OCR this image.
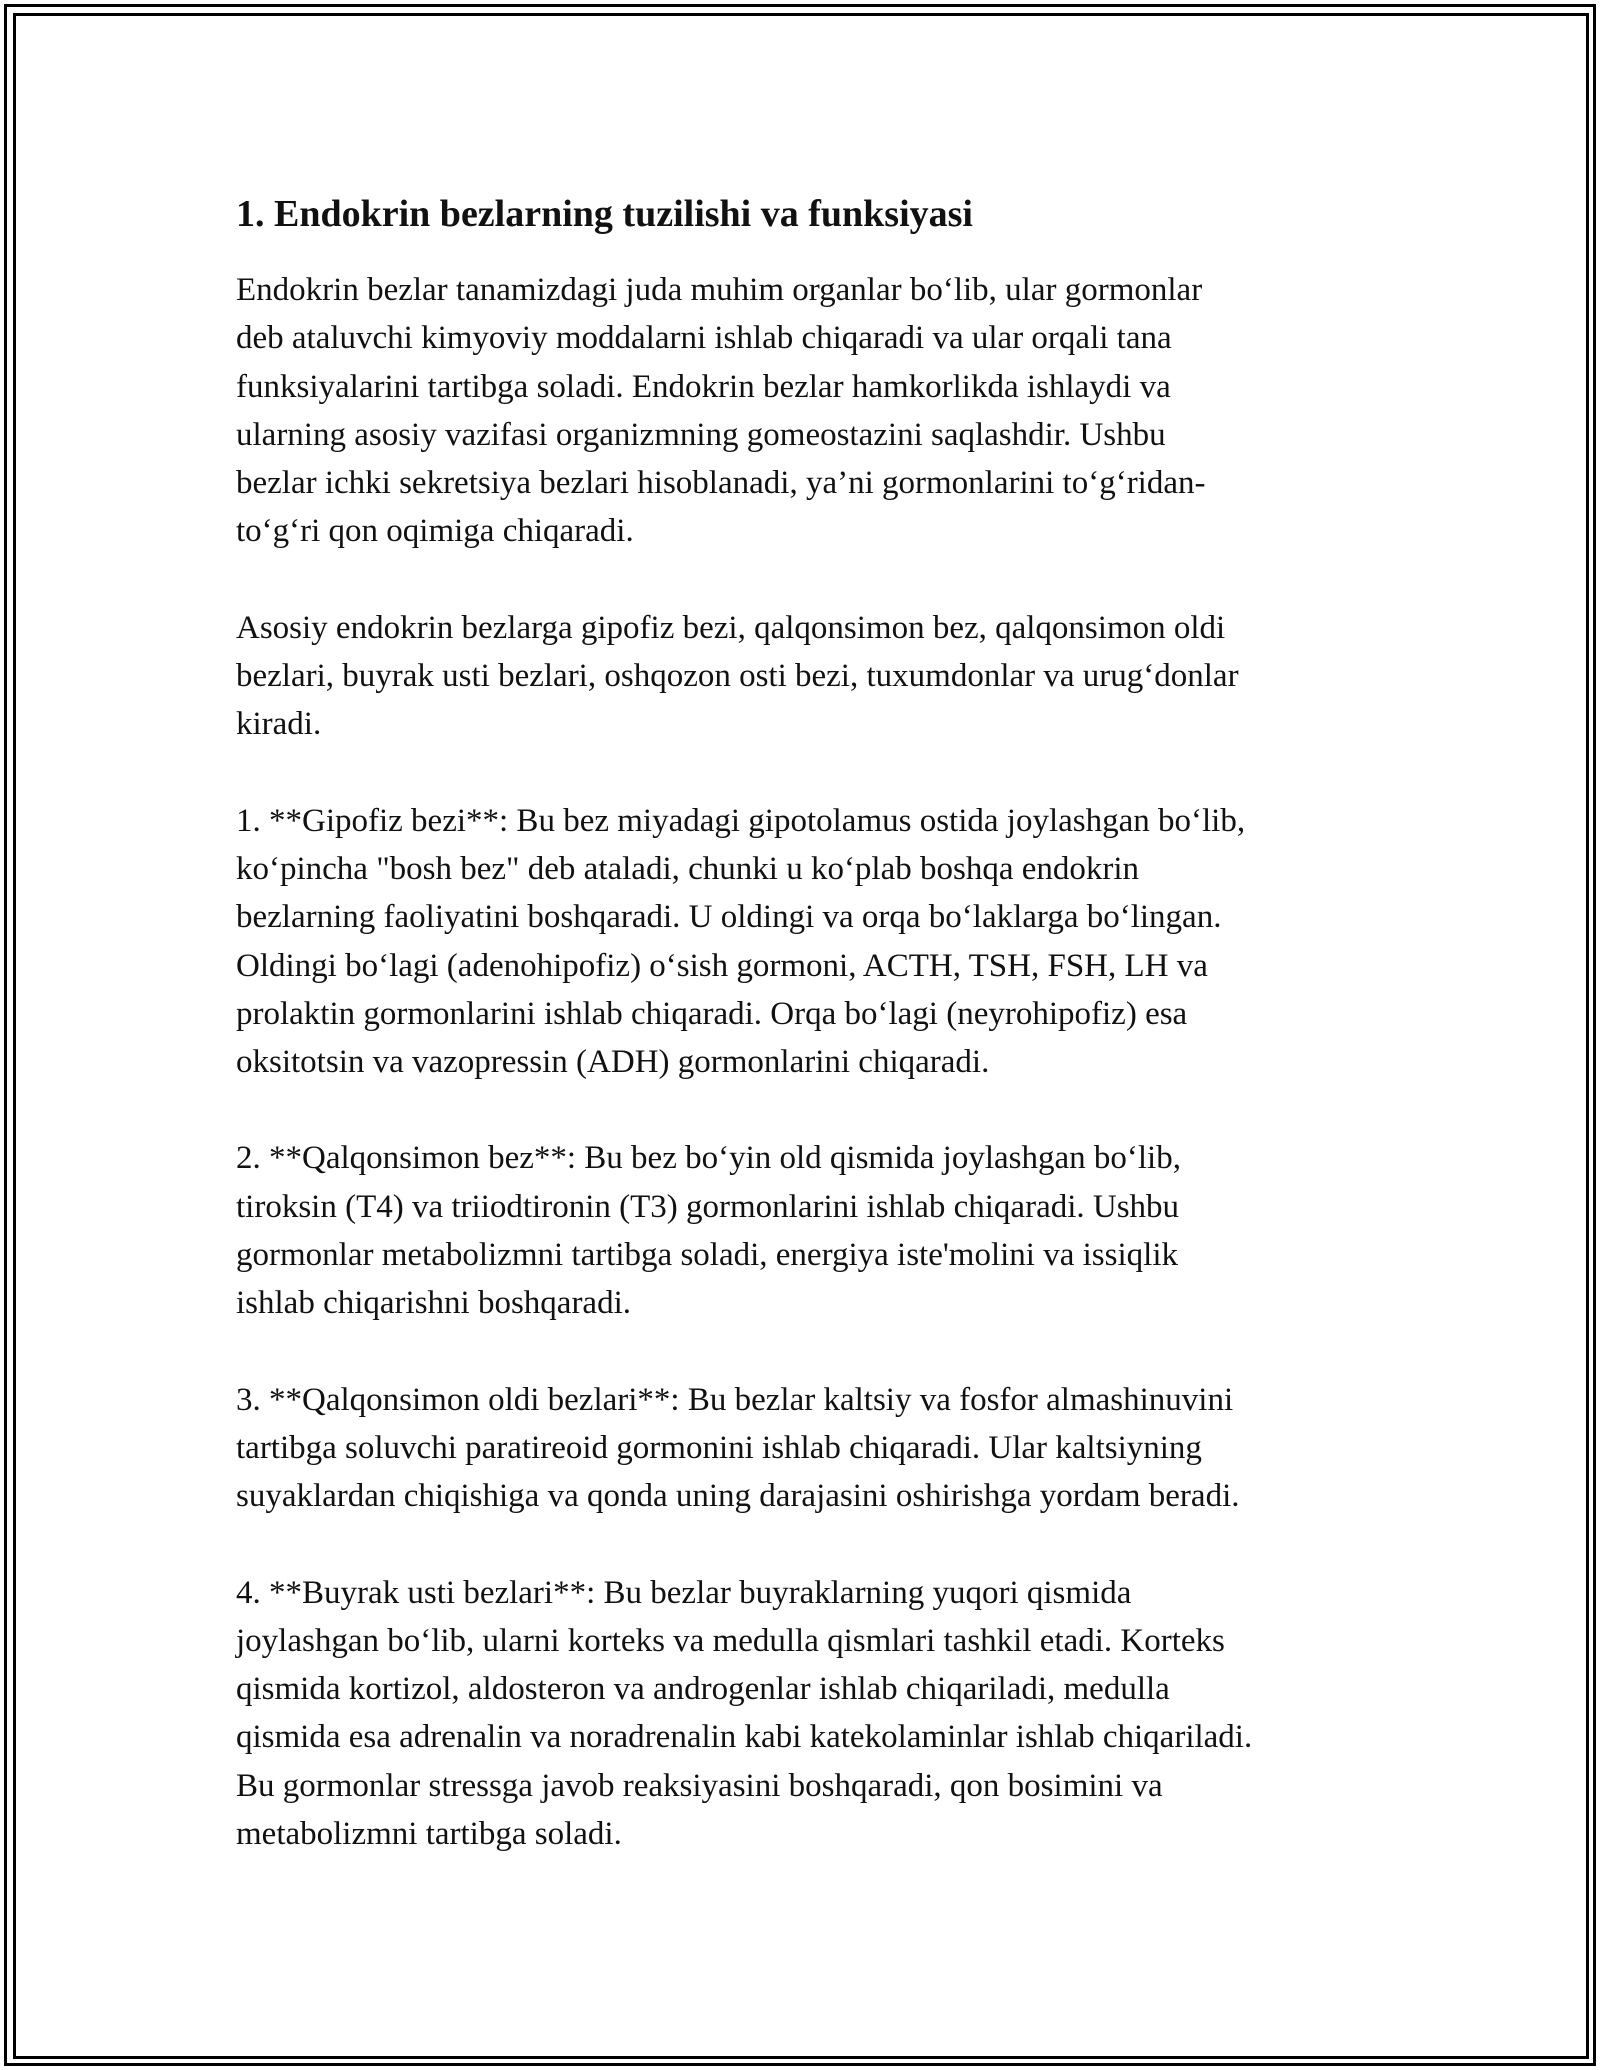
1. Endokrin bezlarning tuzilishi va funksiyasi

Endokrin bezlar tanamizdagi juda muhim organlar bo‘lib, ular gormonlar
deb ataluvchi kimyoviy moddalarni ishlab chiqaradi va ular orqali tana
funksiyalarini tartibga soladi. Endokrin bezlar hamkorlikda ishlaydi va
ularning asosiy vazifasi organizmning gomeostazini saqlashdir. Ushbu
bezlar ichki sekretsiya bezlari hisoblanadi, ya’ni gormonlarini to‘g‘ridan-
to‘g‘ri qon oqimiga chiqaradi.

Asosiy endokrin bezlarga gipofiz bezi, qalqonsimon bez, qalqonsimon oldi
bezlari, buyrak usti bezlari, oshqozon osti bezi, tuxumdonlar va urug‘donlar
kiradi.

1. **Gipofiz bezi**: Bu bez miyadagi gipotolamus ostida joylashgan bo‘lib,
ko‘pincha "bosh bez" deb ataladi, chunki u ko‘plab boshqa endokrin
bezlarning faoliyatini boshqaradi. U oldingi va orqa bo‘laklarga bo‘lingan.
Oldingi bo‘lagi (adenohipofiz) o‘sish gormoni, ACTH, TSH, FSH, LH va
prolaktin gormonlarini ishlab chiqaradi. Orqa bo‘lagi (neyrohipofiz) esa
oksitotsin va vazopressin (ADH) gormonlarini chiqaradi.

2. **Qalqonsimon bez**: Bu bez bo‘yin old qismida joylashgan bo‘lib,
tiroksin (T4) va triiodtironin (T3) gormonlarini ishlab chiqaradi. Ushbu
gormonlar metabolizmni tartibga soladi, energiya iste'molini va issiqlik
ishlab chiqarishni boshqaradi.

3. **Qalqonsimon oldi bezlari**: Bu bezlar kaltsiy va fosfor almashinuvini
tartibga soluvchi paratireoid gormonini ishlab chiqaradi. Ular kaltsiyning
suyaklardan chiqishiga va qonda uning darajasini oshirishga yordam beradi.

4. **Buyrak usti bezlari**: Bu bezlar buyraklarning yuqori qismida
joylashgan bo‘lib, ularni korteks va medulla qismlari tashkil etadi. Korteks
qismida kortizol, aldosteron va androgenlar ishlab chiqariladi, medulla
qismida esa adrenalin va noradrenalin kabi katekolaminlar ishlab chiqariladi.
Bu gormonlar stressga javob reaksiyasini boshqaradi, qon bosimini va
metabolizmni tartibga soladi.
